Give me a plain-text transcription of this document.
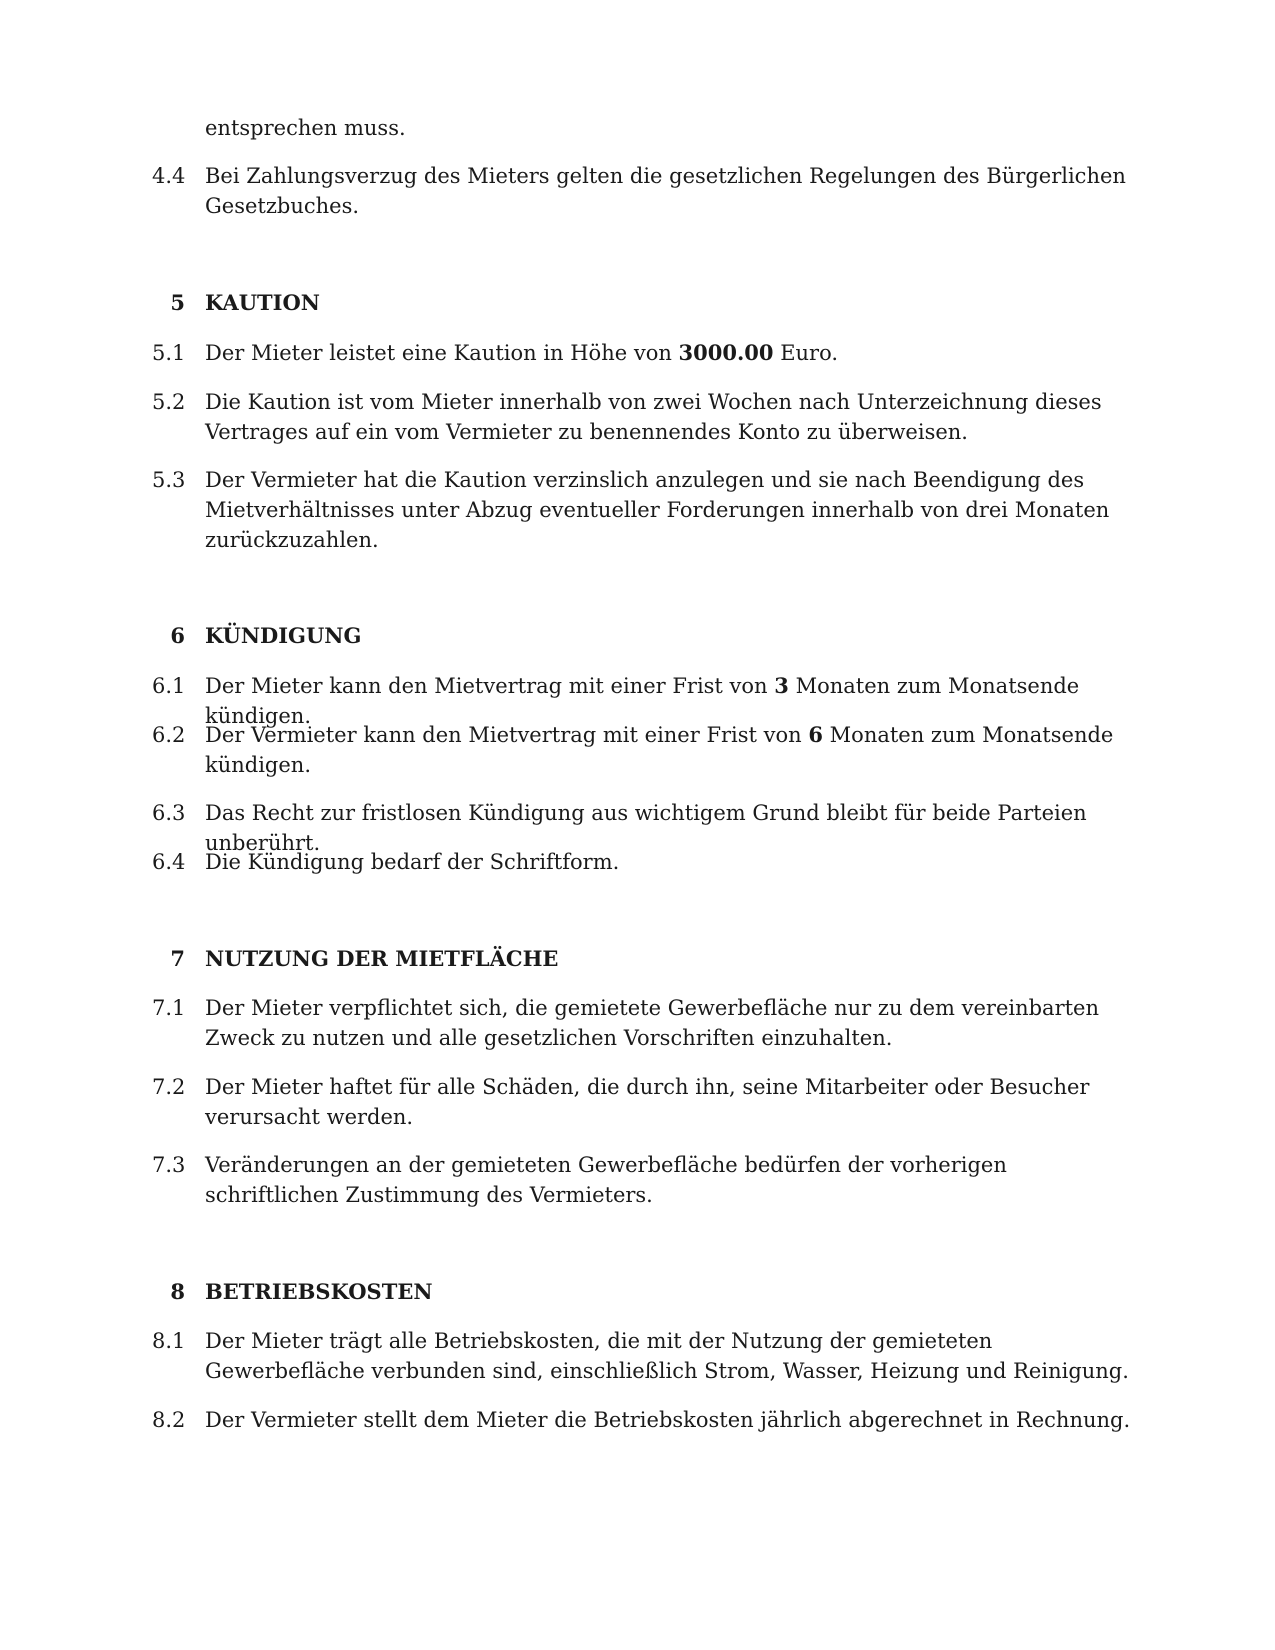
entsprechen muss.
4.4 Bei Zahlungsverzug des Mieters gelten die gesetzlichen Regelungen des Bürgerlichen Gesetzbuches.
5 KAUTION
5.1 Der Mieter leistet eine Kaution in Höhe von 3000.00 Euro.
5.2 Die Kaution ist vom Mieter innerhalb von zwei Wochen nach Unterzeichnung dieses Vertrages auf ein vom Vermieter zu benennendes Konto zu überweisen.
5.3 Der Vermieter hat die Kaution verzinslich anzulegen und sie nach Beendigung des Mietverhältnisses unter Abzug eventueller Forderungen innerhalb von drei Monaten zurückzuzahlen.
6 KÜNDIGUNG
6.1 Der Mieter kann den Mietvertrag mit einer Frist von 3 Monaten zum Monatsende kündigen.
6.2 Der Vermieter kann den Mietvertrag mit einer Frist von 6 Monaten zum Monatsende kündigen.
6.3 Das Recht zur fristlosen Kündigung aus wichtigem Grund bleibt für beide Parteien unberührt.
6.4 Die Kündigung bedarf der Schriftform.
7 NUTZUNG DER MIETFLÄCHE
7.1 Der Mieter verpflichtet sich, die gemietete Gewerbefläche nur zu dem vereinbarten Zweck zu nutzen und alle gesetzlichen Vorschriften einzuhalten.
7.2 Der Mieter haftet für alle Schäden, die durch ihn, seine Mitarbeiter oder Besucher verursacht werden.
7.3 Veränderungen an der gemieteten Gewerbefläche bedürfen der vorherigen schriftlichen Zustimmung des Vermieters.
8 BETRIEBSKOSTEN
8.1 Der Mieter trägt alle Betriebskosten, die mit der Nutzung der gemieteten Gewerbefläche verbunden sind, einschließlich Strom, Wasser, Heizung und Reinigung.
8.2 Der Vermieter stellt dem Mieter die Betriebskosten jährlich abgerechnet in Rechnung.
